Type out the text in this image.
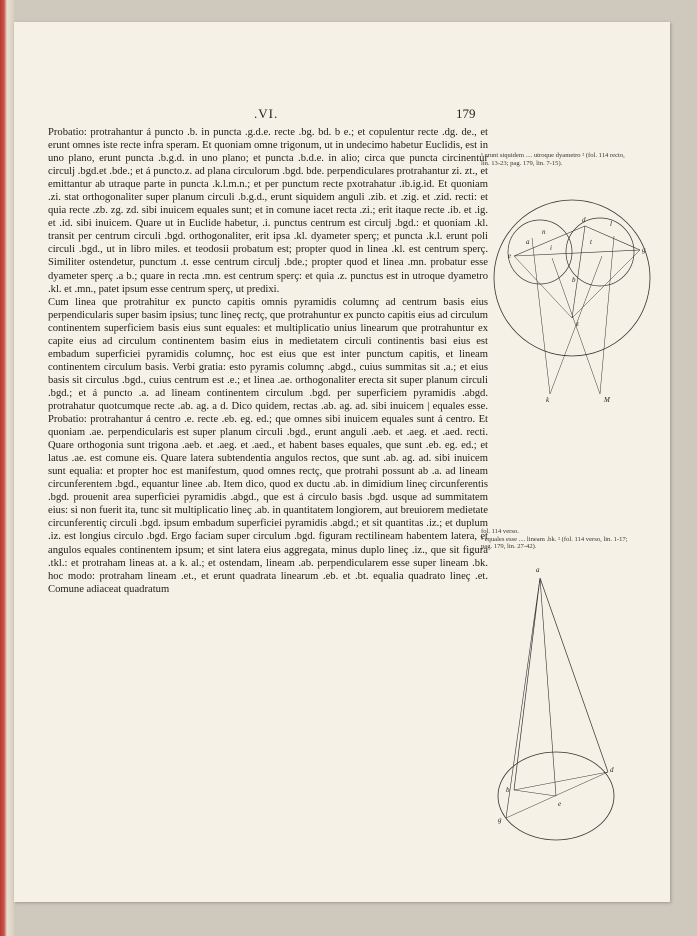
.VI.	179

Probatio: protrahantur á puncto .b. in puncta .g.d.e. recte .bg. bd. b e.; et copulentur recte .dg. de., et erunt omnes iste recte infra speram. Et quoniam omne trigonum, ut in undecimo habetur Euclidis, est in uno plano, erunt puncta .b.g.d. in uno plano; et puncta .b.d.e. in alio; circa que puncta circinentur circulj .bgd.et .bde.; et á puncto.z. ad plana circulorum .bgd. bde. perpendiculares protrahantur zi. zt., et emittantur ab utraque parte in puncta .k.l.m.n.; et per punctum recte pxotrahatur .ib.ig.id. Et quoniam .zi. stat orthogonaliter super planum circuli .b.g.d., erunt siquidem anguli .zib. et .zig. et .zid. recti: et quia recte .zb. zg. zd. sibi inuicem equales sunt; et in comune iacet recta .zi.; erit itaque recte .ib. et .ig. et .id. sibi inuicem. Quare ut in Euclide habetur, .i. punctus centrum est circulj .bgd.: et quoniam .kl. transit per centrum circuli .bgd. orthogonaliter, erit ipsa .kl. dyameter sperç; et puncta .k.l. erunt poli circuli .bgd., ut in libro miles. et teodosii probatum est; propter quod in linea .kl. est centrum sperç. Similiter ostendetur, punctum .t. esse centrum circulj .bde.; propter quod et linea .mn. probatur esse dyameter sperç .a b.; quare in recta .mn. est centrum sperç: et quia .z. punctus est in utroque dyametro .kl. et .mn., patet ipsum esse centrum sperç, ut predixi.

Cum linea que protrahitur ex puncto capitis omnis pyramidis columnç ad centrum basis eius perpendicularis super basim ipsius; tunc lineç rectç, que protrahuntur ex puncto capitis eius ad circulum continentem superficiem basis eius sunt equales: et multiplicatio unius linearum que protrahuntur ex capite eius ad circulum continentem basim eius in medietatem circuli continentis basi eius est embadum superficiei pyramidis columnç, hoc est eius que est inter punctum capitis, et lineam continentem circulum basis. Verbi gratia: esto pyramis columnç .abgd., cuius summitas sit .a.; et eius basis sit circulus .bgd., cuius centrum est .e.; et linea .ae. orthogonaliter erecta sit super planum circuli .bgd.; et á puncto .a. ad lineam continentem circulum .bgd. per superficiem pyramidis .abgd. protrahatur quotcumque recte .ab. ag. a d. Dico quidem, rectas .ab. ag. ad. sibi inuicem | equales esse. Probatio: protrahantur á centro .e. recte .eb. eg. ed.; que omnes sibi inuicem equales sunt á centro. Et quoniam .ae. perpendicularis est super planum circuli .bgd., erunt anguli .aeb. et .aeg. et .aed. recti. Quare orthogonia sunt trigona .aeb. et .aeg. et .aed., et habent bases equales, que sunt .eb. eg. ed.; et latus .ae. est comune eis. Quare latera subtendentia angulos rectos, que sunt .ab. ag. ad. sibi inuicem sunt equalia: et propter hoc est manifestum, quod omnes rectç, que protrahi possunt ab .a. ad lineam circunferentem .bgd., equantur linee .ab. Item dico, quod ex ductu .ab. in dimidium lineç circunferentis .bgd. prouenit area superficiei pyramidis .abgd., que est á circulo basis .bgd. usque ad summitatem eius: si non fuerit ita, tunc sit multiplicatio lineç .ab. in quantitatem longiorem, aut breuiorem medietate circunferentiç circuli .bgd. ipsum embadum superficiei pyramidis .abgd.; et sit quantitas .iz.; et duplum .iz. est longius circulo .bgd. Ergo faciam super circulum .bgd. figuram rectilineam habentem latera, et angulos equales continentem ipsum; et sint latera eius aggregata, minus duplo lineç .iz., que sit figura .tkl.: et protraham lineas at. a k. al.; et ostendam, lineam .ab. perpendicularem esse super lineam .bk. hoc modo: protraham lineam .et., et erunt quadrata linearum .eb. et .bt. equalia quadrato lineç .et. Comune adiaceat quadratum

¹ erunt siquidem .... utroque dyametro ² (fol. 114 recto, lin. 13-23; pag. 179, lin. 7-15).
n
d	l
a	t
e
i	g
b
z
k	M
fol. 114 verso.
² equales esse .... lineam .bk. ² (fol. 114 verso, lin. 1-17; pag. 179, lin. 27-42).
a
b
d
e
g
